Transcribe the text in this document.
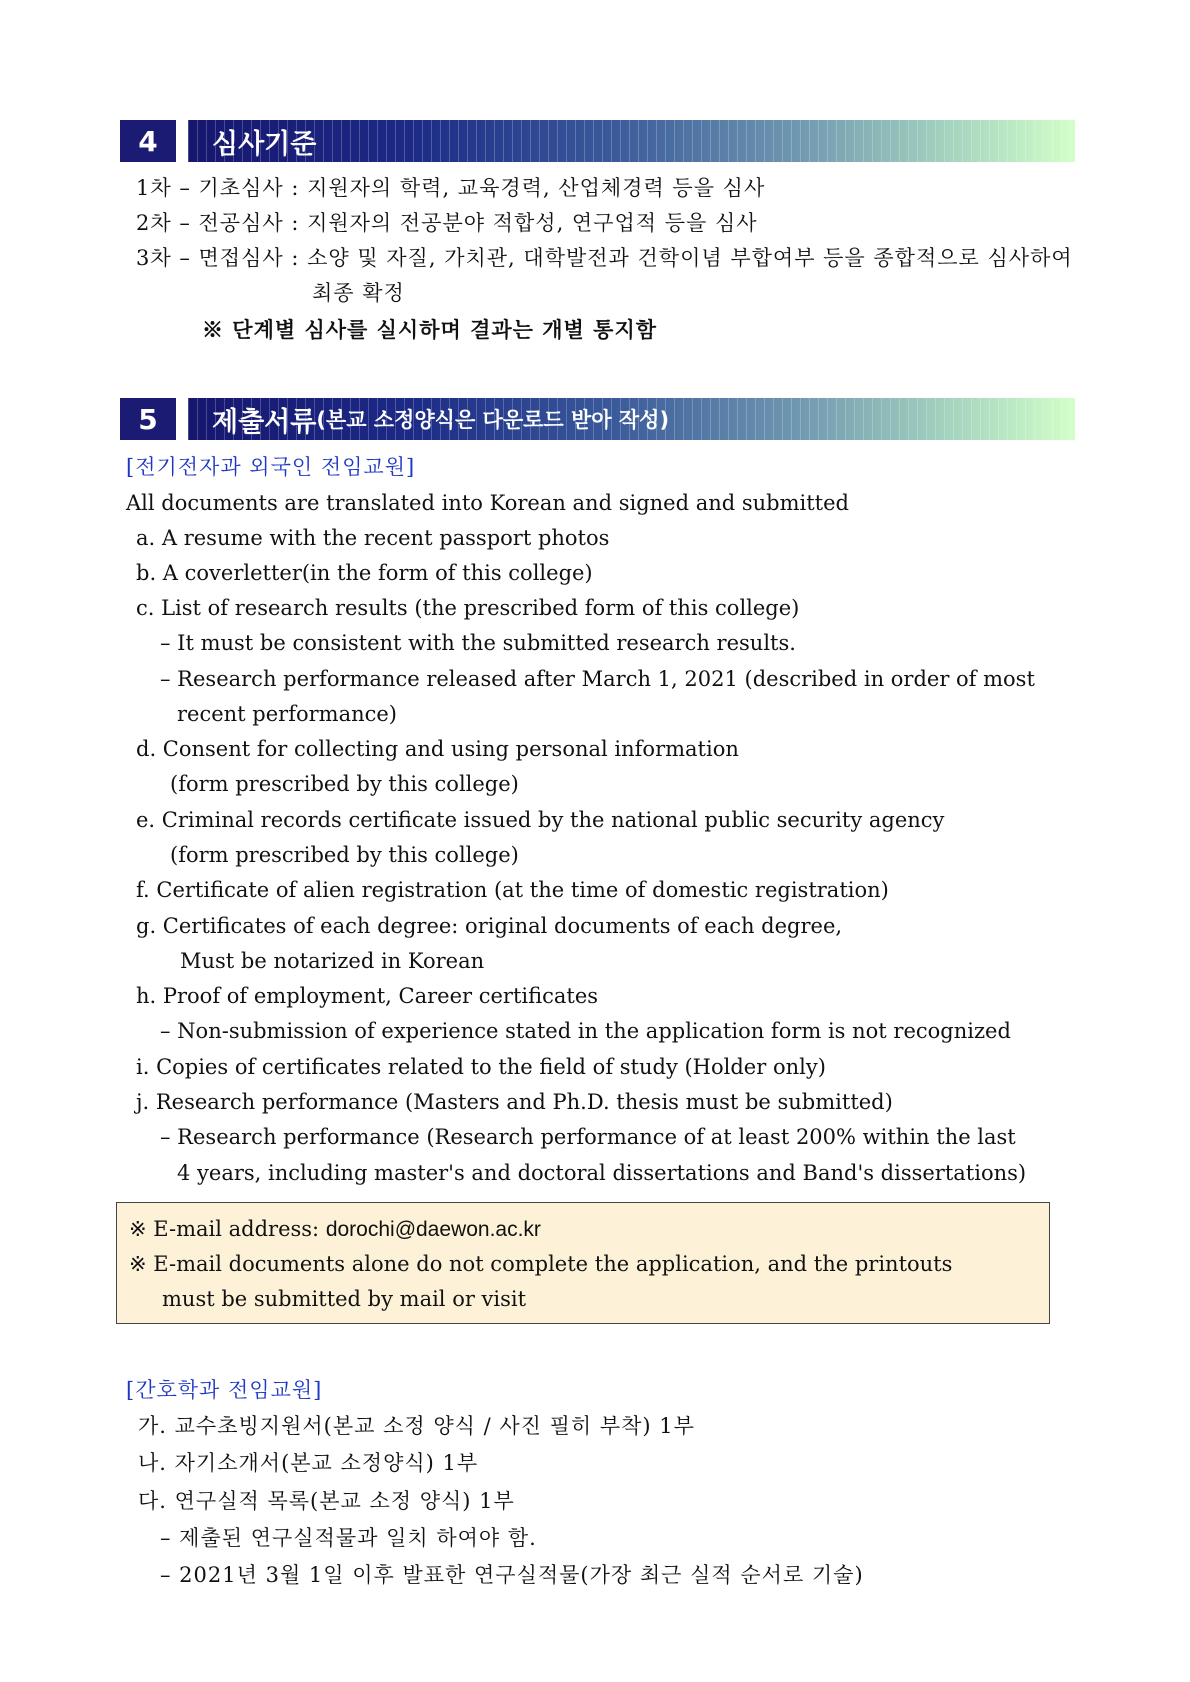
4	심사기준
1차 – 기초심사 : 지원자의 학력, 교육경력, 산업체경력 등을 심사
2차 – 전공심사 : 지원자의 전공분야 적합성, 연구업적 등을 심사
3차 – 면접심사 : 소양 및 자질, 가치관, 대학발전과 건학이념 부합여부 등을 종합적으로 심사하여
최종 확정
※ 단계별 심사를 실시하며 결과는 개별 통지함
5	제출서류 (본교 소정양식은 다운로드 받아 작성)
[전기전자과 외국인 전임교원]
All documents are translated into Korean and signed and submitted
a. A resume with the recent passport photos
b. A coverletter(in the form of this college)
c. List of research results (the prescribed form of this college)
– It must be consistent with the submitted research results.
– Research performance released after March 1, 2021 (described in order of most
recent performance)
d. Consent for collecting and using personal information
(form prescribed by this college)
e. Criminal records certificate issued by the national public security agency
(form prescribed by this college)
f. Certificate of alien registration (at the time of domestic registration)
g. Certificates of each degree: original documents of each degree,
Must be notarized in Korean
h. Proof of employment, Career certificates
– Non-submission of experience stated in the application form is not recognized
i. Copies of certificates related to the field of study (Holder only)
j. Research performance (Masters and Ph.D. thesis must be submitted)
– Research performance (Research performance of at least 200% within the last
4 years, including master's and doctoral dissertations and Band's dissertations)
※ E-mail address: dorochi@daewon.ac.kr
※ E-mail documents alone do not complete the application, and the printouts
must be submitted by mail or visit
[간호학과 전임교원]
가. 교수초빙지원서(본교 소정 양식 / 사진 필히 부착) 1부
나. 자기소개서(본교 소정양식) 1부
다. 연구실적 목록(본교 소정 양식) 1부
– 제출된 연구실적물과 일치 하여야 함.
– 2021년 3월 1일 이후 발표한 연구실적물(가장 최근 실적 순서로 기술)
